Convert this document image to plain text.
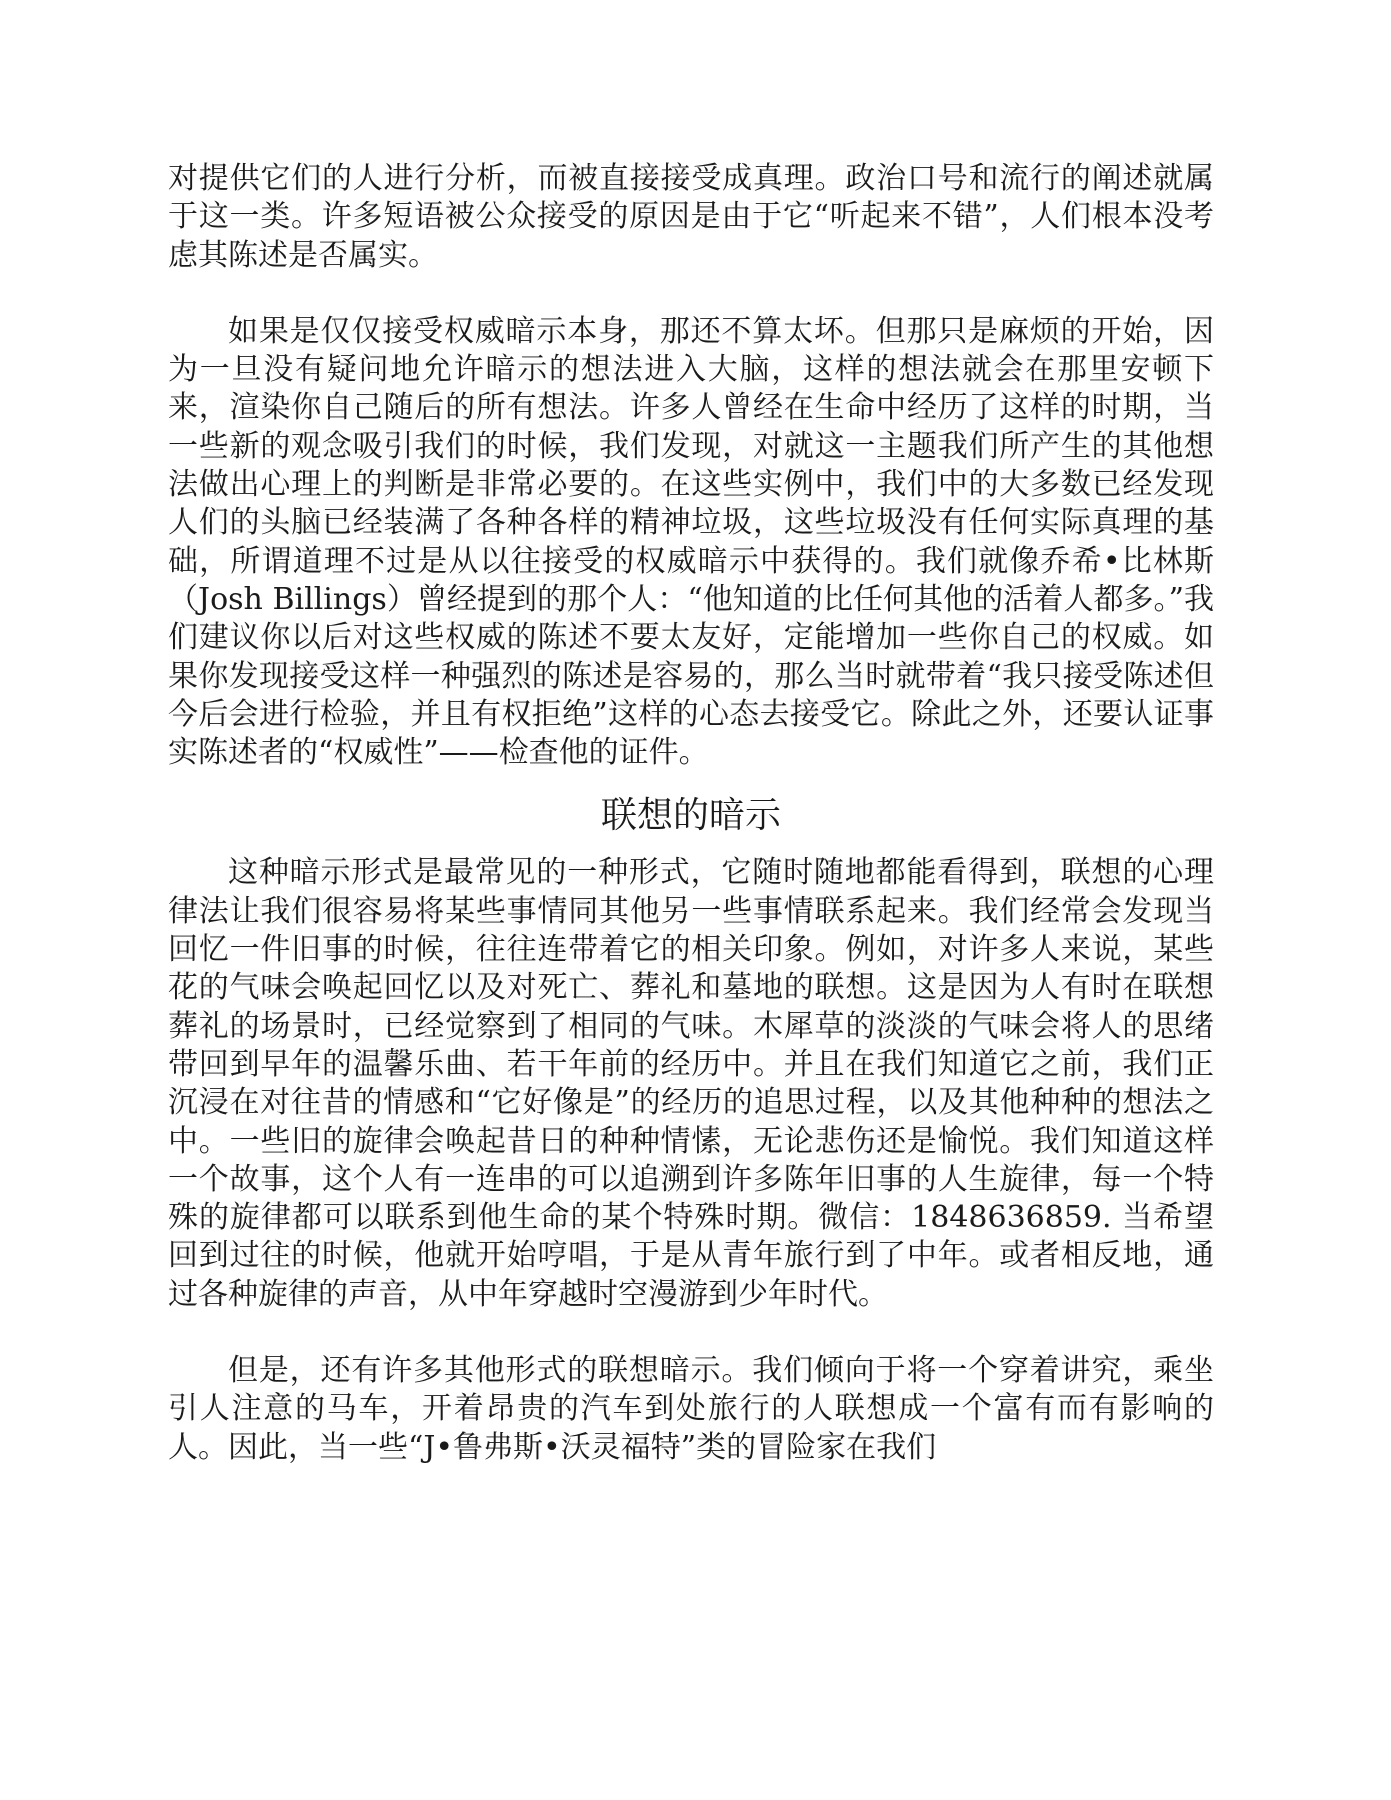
对提供它们的人进行分析，而被直接接受成真理。政治口号和流行的阐述就属于这一类。许多短语被公众接受的原因是由于它“听起来不错”，人们根本没考虑其陈述是否属实。

如果是仅仅接受权威暗示本身，那还不算太坏。但那只是麻烦的开始，因为一旦没有疑问地允许暗示的想法进入大脑，这样的想法就会在那里安顿下来，渲染你自己随后的所有想法。许多人曾经在生命中经历了这样的时期，当一些新的观念吸引我们的时候，我们发现，对就这一主题我们所产生的其他想法做出心理上的判断是非常必要的。在这些实例中，我们中的大多数已经发现人们的头脑已经装满了各种各样的精神垃圾，这些垃圾没有任何实际真理的基础，所谓道理不过是从以往接受的权威暗示中获得的。我们就像乔希•比林斯（Josh Billings）曾经提到的那个人：“他知道的比任何其他的活着人都多。”我们建议你以后对这些权威的陈述不要太友好，定能增加一些你自己的权威。如果你发现接受这样一种强烈的陈述是容易的，那么当时就带着“我只接受陈述但今后会进行检验，并且有权拒绝”这样的心态去接受它。除此之外，还要认证事实陈述者的“权威性”——检查他的证件。

联想的暗示

这种暗示形式是最常见的一种形式，它随时随地都能看得到，联想的心理律法让我们很容易将某些事情同其他另一些事情联系起来。我们经常会发现当回忆一件旧事的时候，往往连带着它的相关印象。例如，对许多人来说，某些花的气味会唤起回忆以及对死亡、葬礼和墓地的联想。这是因为人有时在联想葬礼的场景时，已经觉察到了相同的气味。木犀草的淡淡的气味会将人的思绪带回到早年的温馨乐曲、若干年前的经历中。并且在我们知道它之前，我们正沉浸在对往昔的情感和“它好像是”的经历的追思过程，以及其他种种的想法之中。一些旧的旋律会唤起昔日的种种情愫，无论悲伤还是愉悦。我们知道这样一个故事，这个人有一连串的可以追溯到许多陈年旧事的人生旋律，每一个特殊的旋律都可以联系到他生命的某个特殊时期。微信：1848636859. 当希望回到过往的时候，他就开始哼唱，于是从青年旅行到了中年。或者相反地，通过各种旋律的声音，从中年穿越时空漫游到少年时代。

但是，还有许多其他形式的联想暗示。我们倾向于将一个穿着讲究，乘坐引人注意的马车，开着昂贵的汽车到处旅行的人联想成一个富有而有影响的人。因此，当一些“J•鲁弗斯•沃灵福特”类的冒险家在我们
